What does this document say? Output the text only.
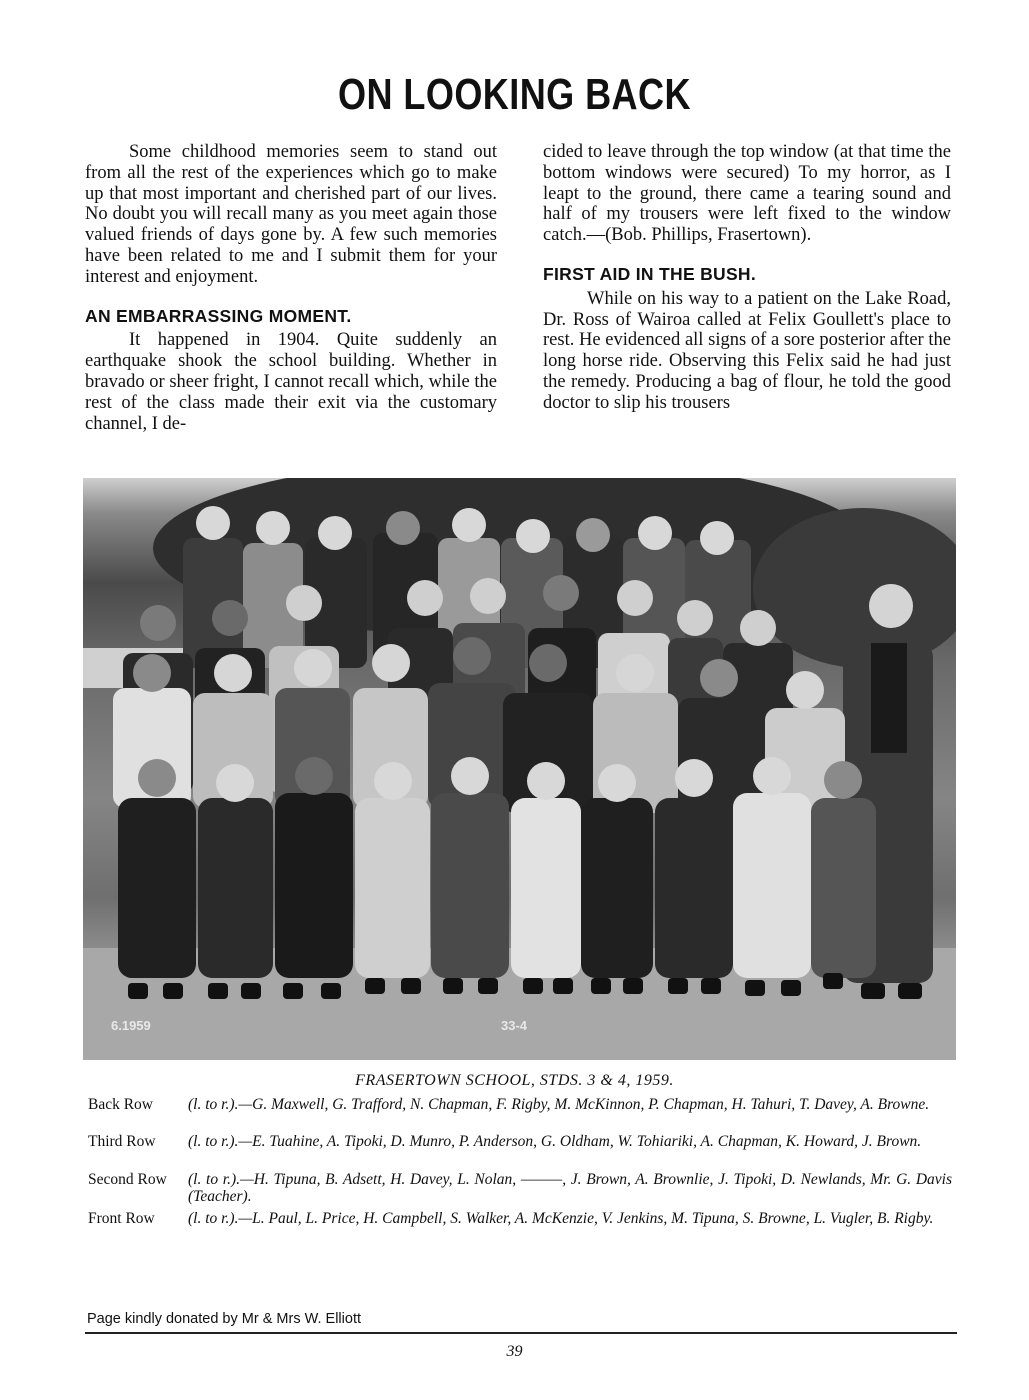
ON LOOKING BACK

Some childhood memories seem to stand out from all the rest of the experiences which go to make up that most important and cherished part of our lives. No doubt you will recall many as you meet again those valued friends of days gone by. A few such memories have been related to me and I submit them for your interest and enjoyment.

AN EMBARRASSING MOMENT.

It happened in 1904. Quite suddenly an earthquake shook the school building. Whether in bravado or sheer fright, I cannot recall which, while the rest of the class made their exit via the customary channel, I de-

cided to leave through the top window (at that time the bottom windows were secured) To my horror, as I leapt to the ground, there came a tearing sound and half of my trousers were left fixed to the window catch.—(Bob. Phillips, Frasertown).

FIRST AID IN THE BUSH.

While on his way to a patient on the Lake Road, Dr. Ross of Wairoa called at Felix Goullett's place to rest. He evidenced all signs of a sore posterior after the long horse ride. Observing this Felix said he had just the remedy. Producing a bag of flour, he told the good doctor to slip his trousers

6.1959	33-4
FRASERTOWN SCHOOL, STDS. 3 & 4, 1959.
Back Row (l. to r.).—G. Maxwell, G. Trafford, N. Chapman, F. Rigby, M. McKinnon, P. Chapman, H. Tahuri, T. Davey, A. Browne.
Third Row (l. to r.).—E. Tuahine, A. Tipoki, D. Munro, P. Anderson, G. Oldham, W. Tohiariki, A. Chapman, K. Howard, J. Brown.
Second Row (l. to r.).—H. Tipuna, B. Adsett, H. Davey, L. Nolan, ———, J. Brown, A. Brownlie, J. Tipoki, D. Newlands, Mr. G. Davis (Teacher).
Front Row (l. to r.).—L. Paul, L. Price, H. Campbell, S. Walker, A. McKenzie, V. Jenkins, M. Tipuna, S. Browne, L. Vugler, B. Rigby.
Page kindly donated by Mr & Mrs W. Elliott
39
